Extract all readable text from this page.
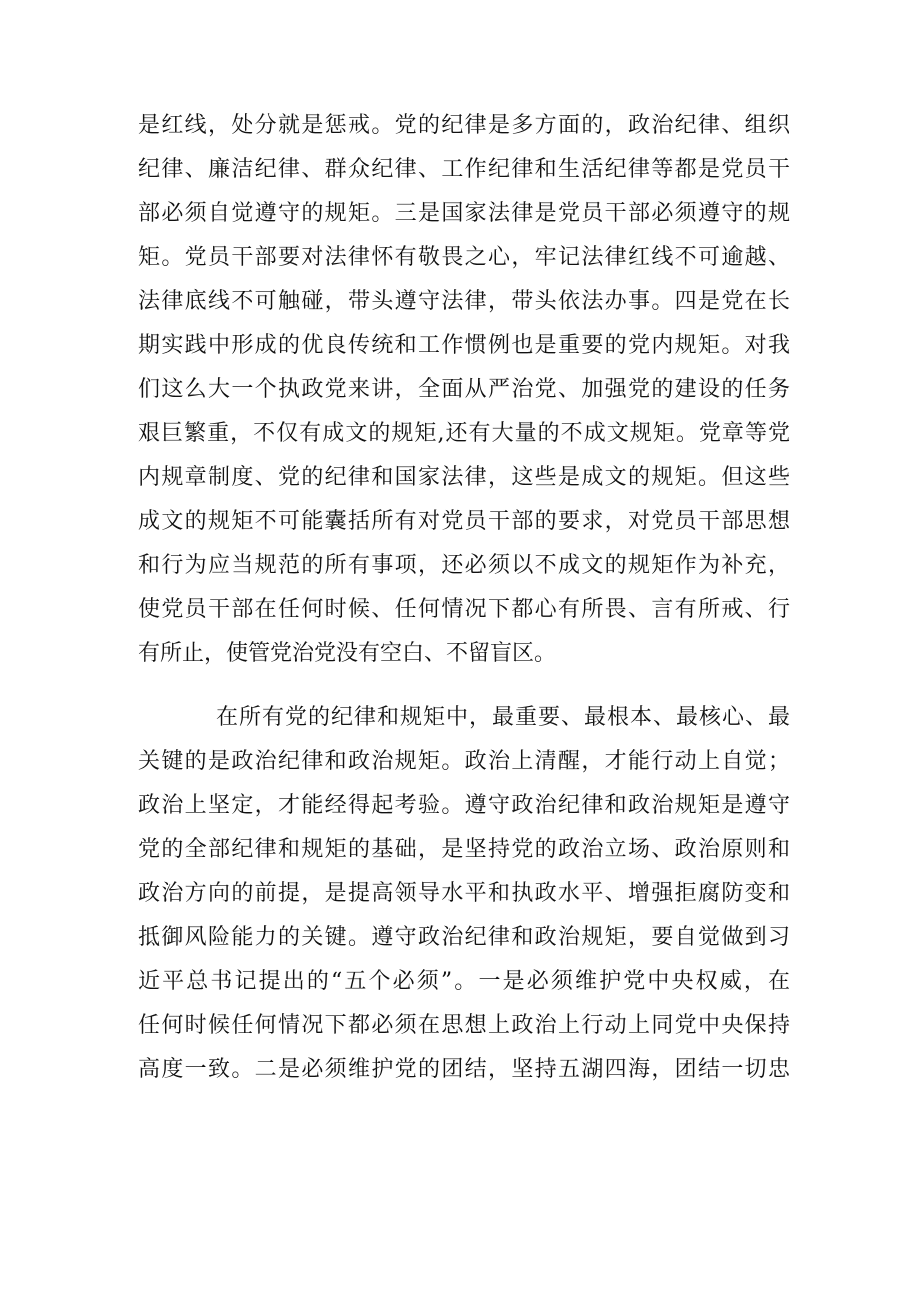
是红线，处分就是惩戒。党的纪律是多方面的，政治纪律、组织
纪律、廉洁纪律、群众纪律、工作纪律和生活纪律等都是党员干
部必须自觉遵守的规矩。三是国家法律是党员干部必须遵守的规
矩。党员干部要对法律怀有敬畏之心，牢记法律红线不可逾越、
法律底线不可触碰，带头遵守法律，带头依法办事。四是党在长
期实践中形成的优良传统和工作惯例也是重要的党内规矩。对我
们这么大一个执政党来讲，全面从严治党、加强党的建设的任务
艰巨繁重，不仅有成文的规矩,还有大量的不成文规矩。党章等党
内规章制度、党的纪律和国家法律，这些是成文的规矩。但这些
成文的规矩不可能囊括所有对党员干部的要求，对党员干部思想
和行为应当规范的所有事项，还必须以不成文的规矩作为补充，
使党员干部在任何时候、任何情况下都心有所畏、言有所戒、行
有所止，使管党治党没有空白、不留盲区。
在所有党的纪律和规矩中，最重要、最根本、最核心、最
关键的是政治纪律和政治规矩。政治上清醒，才能行动上自觉；
政治上坚定，才能经得起考验。遵守政治纪律和政治规矩是遵守
党的全部纪律和规矩的基础，是坚持党的政治立场、政治原则和
政治方向的前提，是提高领导水平和执政水平、增强拒腐防变和
抵御风险能力的关键。遵守政治纪律和政治规矩，要自觉做到习
近平总书记提出的“五个必须”。一是必须维护党中央权威，在
任何时候任何情况下都必须在思想上政治上行动上同党中央保持
高度一致。二是必须维护党的团结，坚持五湖四海，团结一切忠
